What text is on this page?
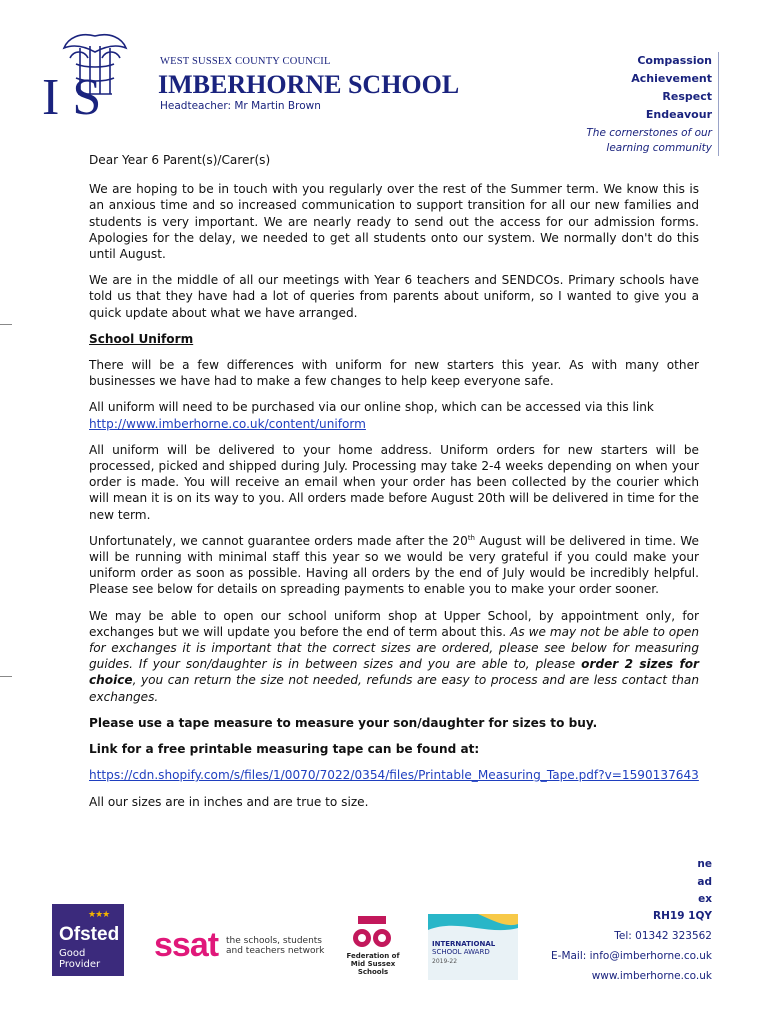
I S
WEST SUSSEX COUNTY COUNCIL
IMBERHORNE SCHOOL
Headteacher: Mr Martin Brown
Compassion
Achievement
Respect
Endeavour
The cornerstones of our
learning community

Dear Year 6 Parent(s)/Carer(s)

We are hoping to be in touch with you regularly over the rest of the Summer term. We know this is an anxious time and so increased communication to support transition for all our new families and students is very important. We are nearly ready to send out the access for our admission forms. Apologies for the delay, we needed to get all students onto our system. We normally don't do this until August.

We are in the middle of all our meetings with Year 6 teachers and SENDCOs. Primary schools have told us that they have had a lot of queries from parents about uniform, so I wanted to give you a quick update about what we have arranged.

School Uniform

There will be a few differences with uniform for new starters this year. As with many other businesses we have had to make a few changes to help keep everyone safe.

All uniform will need to be purchased via our online shop, which can be accessed via this link
http://www.imberhorne.co.uk/content/uniform

All uniform will be delivered to your home address. Uniform orders for new starters will be processed, picked and shipped during July. Processing may take 2-4 weeks depending on when your order is made. You will receive an email when your order has been collected by the courier which will mean it is on its way to you. All orders made before August 20th will be delivered in time for the new term.

Unfortunately, we cannot guarantee orders made after the 20th August will be delivered in time. We will be running with minimal staff this year so we would be very grateful if you could make your uniform order as soon as possible. Having all orders by the end of July would be incredibly helpful. Please see below for details on spreading payments to enable you to make your order sooner.

We may be able to open our school uniform shop at Upper School, by appointment only, for exchanges but we will update you before the end of term about this. As we may not be able to open for exchanges it is important that the correct sizes are ordered, please see below for measuring guides. If your son/daughter is in between sizes and you are able to, please order 2 sizes for choice, you can return the size not needed, refunds are easy to process and are less contact than exchanges.

Please use a tape measure to measure your son/daughter for sizes to buy.

Link for a free printable measuring tape can be found at:

https://cdn.shopify.com/s/files/1/0070/7022/0354/files/Printable_Measuring_Tape.pdf?v=1590137643

All our sizes are in inches and are true to size.

ne
ad
ex
RH19 1QY
Tel: 01342 323562
E-Mail: info@imberhorne.co.uk
www.imberhorne.co.uk
★★★
Ofsted
Good
Provider
ssat the schools, students
and teachers network	Federation of
Mid Sussex
Schools
INTERNATIONAL
SCHOOL AWARD
2019-22
